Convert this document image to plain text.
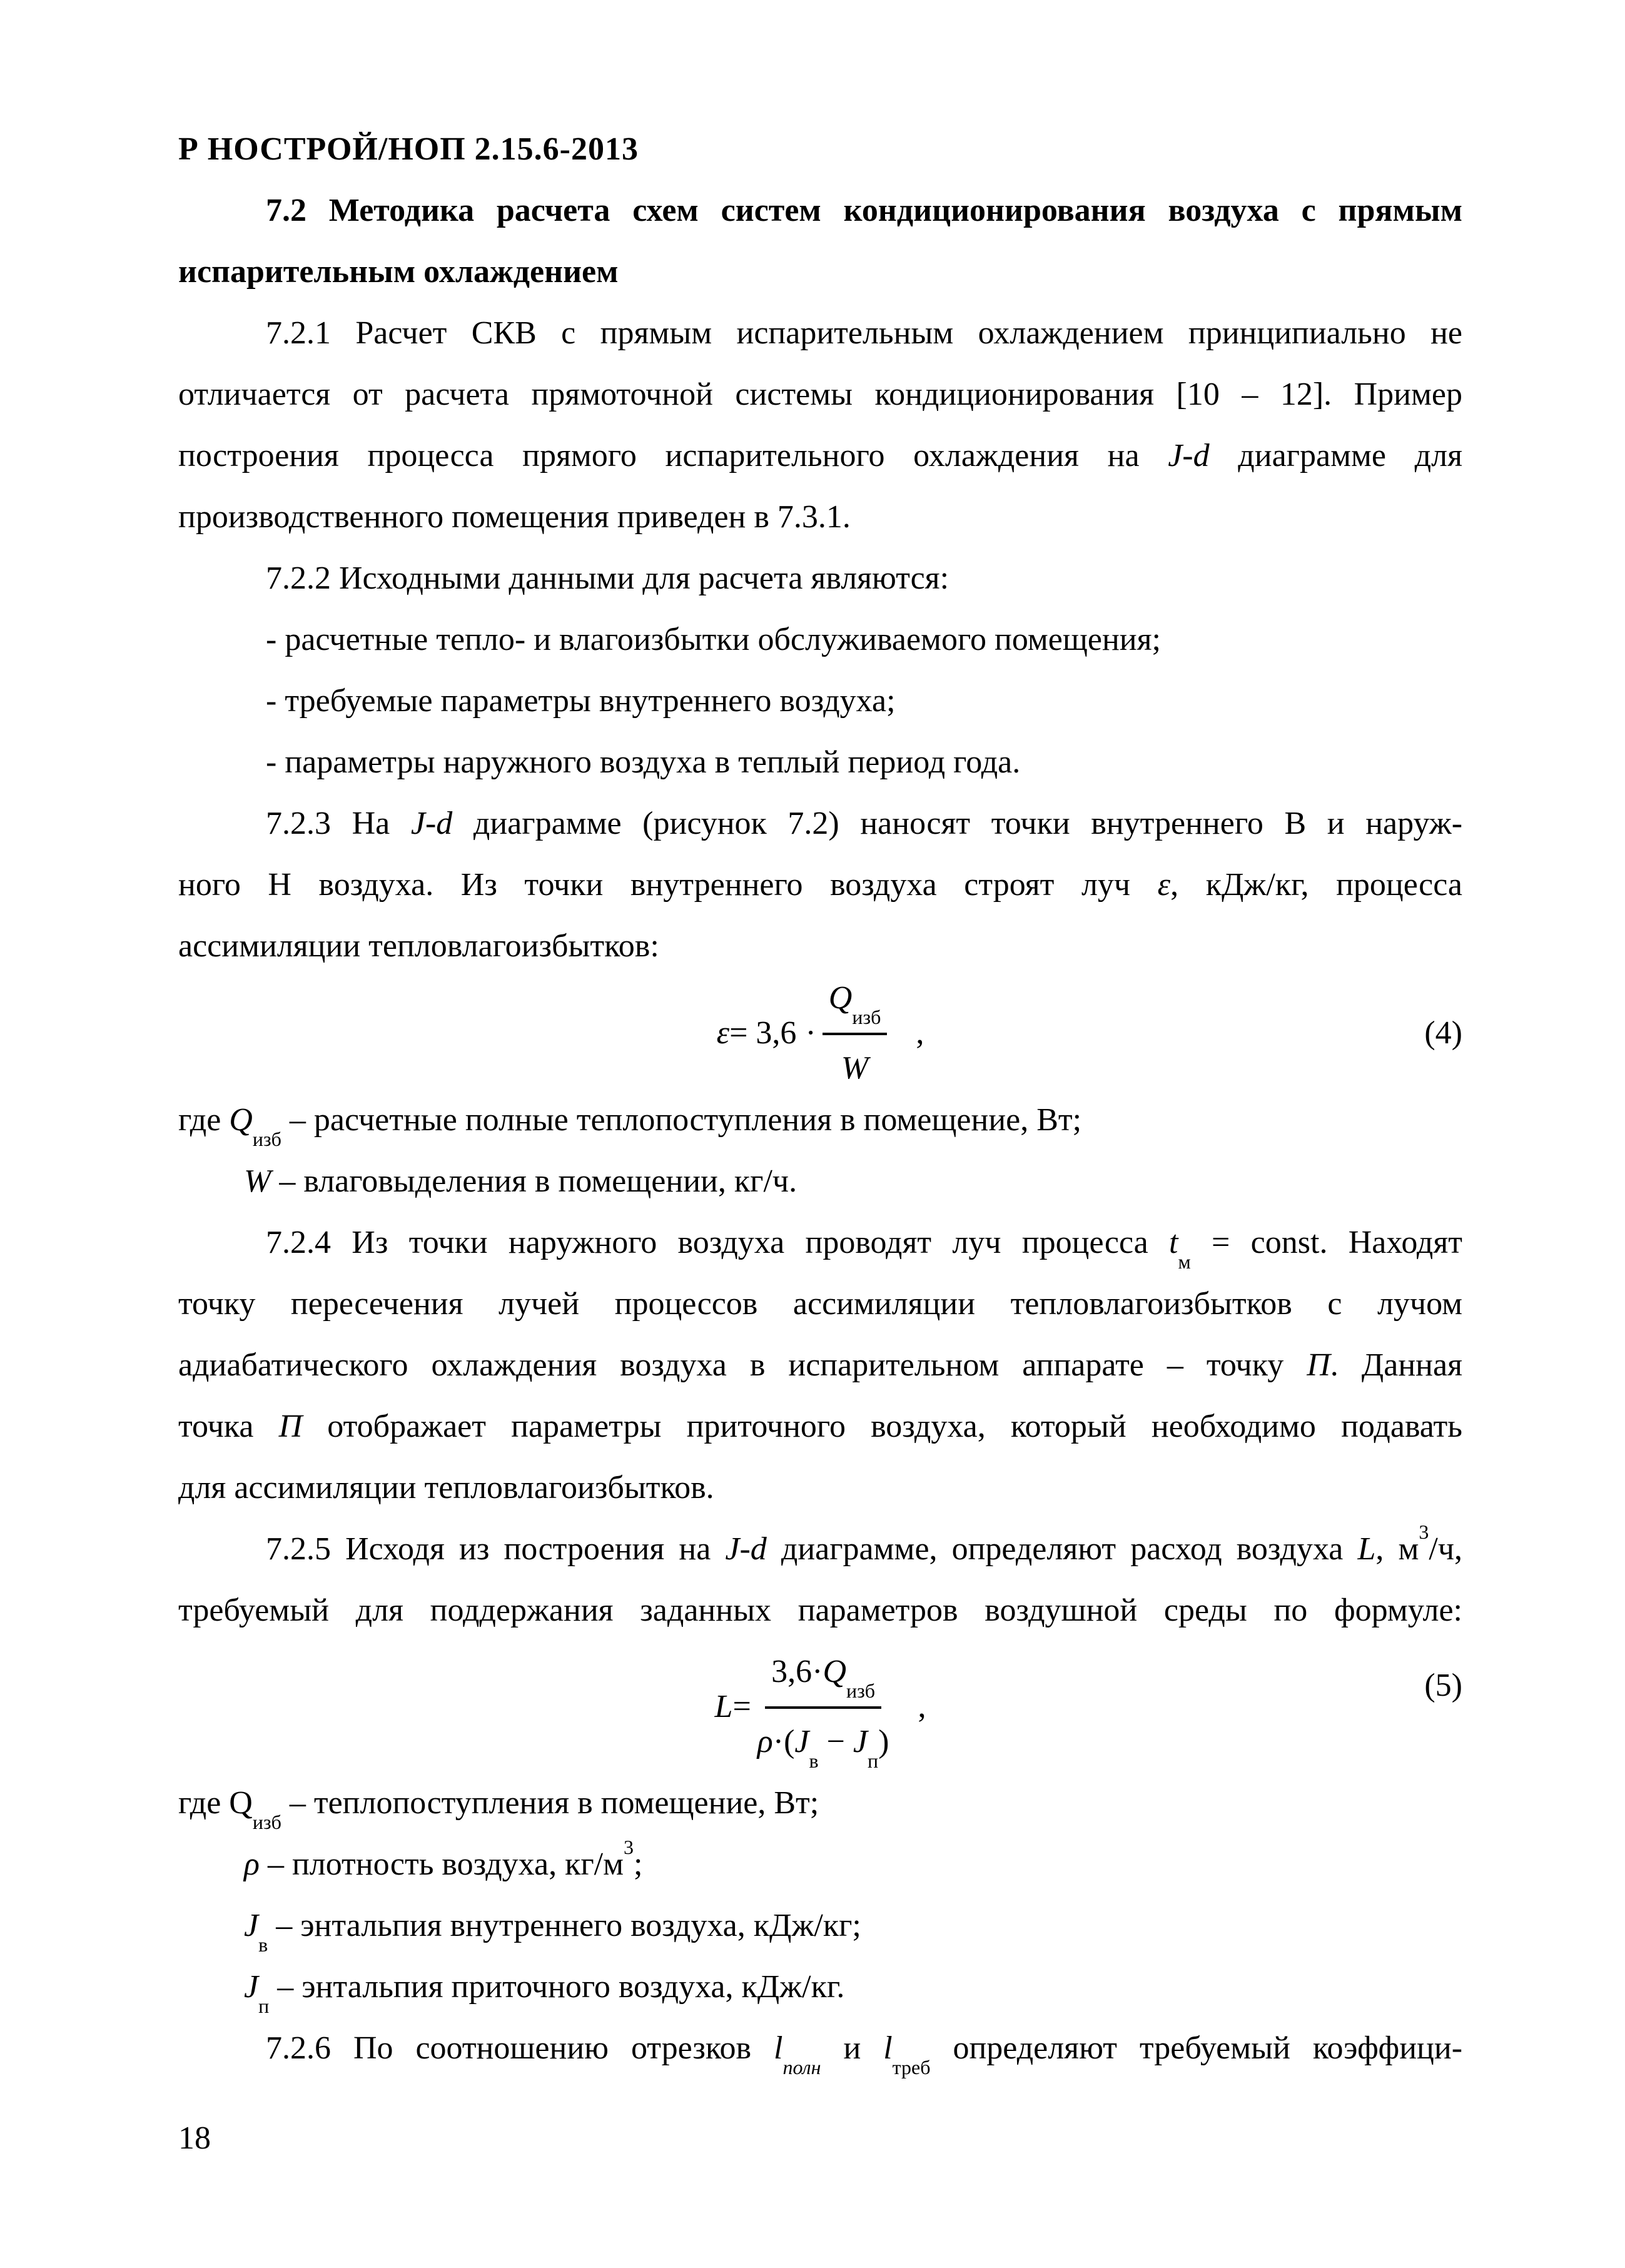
Р НОСТРОЙ/НОП 2.15.6-2013
7.2 Методика расчета схем систем кондиционирования воздуха с прямым
испарительным охлаждением
7.2.1 Расчет СКВ с прямым испарительным охлаждением принципиально не
отличается от расчета прямоточной системы кондиционирования [10 – 12]. Пример
построения процесса прямого испарительного охлаждения на J-d диаграмме для
производственного помещения приведен в 7.3.1.
7.2.2 Исходными данными для расчета являются:
- расчетные тепло- и влагоизбытки обслуживаемого помещения;
- требуемые параметры внутреннего воздуха;
- параметры наружного воздуха в теплый период года.
7.2.3 На J-d диаграмме (рисунок 7.2) наносят точки внутреннего В и наруж-
ного Н воздуха. Из точки внутреннего воздуха строят луч ε, кДж/кг, процесса
ассимиляции тепловлагоизбытков:
$\varepsilon = 3,6 \cdot \frac{Q_{изб}}{W}$ ,	(4)
где $Q_{изб}$ – расчетные полные теплопоступления в помещение, Вт;
W – влаговыделения в помещении, кг/ч.
7.2.4 Из точки наружного воздуха проводят луч процесса $t_м$ = const. Находят
точку пересечения лучей процессов ассимиляции тепловлагоизбытков с лучом
адиабатического охлаждения воздуха в испарительном аппарате – точку П. Данная
точка П отображает параметры приточного воздуха, который необходимо подавать
для ассимиляции тепловлагоизбытков.
7.2.5 Исходя из построения на J-d диаграмме, определяют расход воздуха L, $м^3/ч$,
требуемый для поддержания заданных параметров воздушной среды по формуле:
$L = \frac{3,6\cdot Q_{изб}}{\rho\cdot(J_в - J_п)}$ ,
(5)
где $Q_{изб}$ – теплопоступления в помещение, Вт;
ρ – плотность воздуха, $кг/м^3$;
$J_в$ – энтальпия внутреннего воздуха, кДж/кг;
$J_п$ – энтальпия приточного воздуха, кДж/кг.
7.2.6 По соотношению отрезков $l_{полн}$ и $l_{треб}$ определяют требуемый коэффици-
18
